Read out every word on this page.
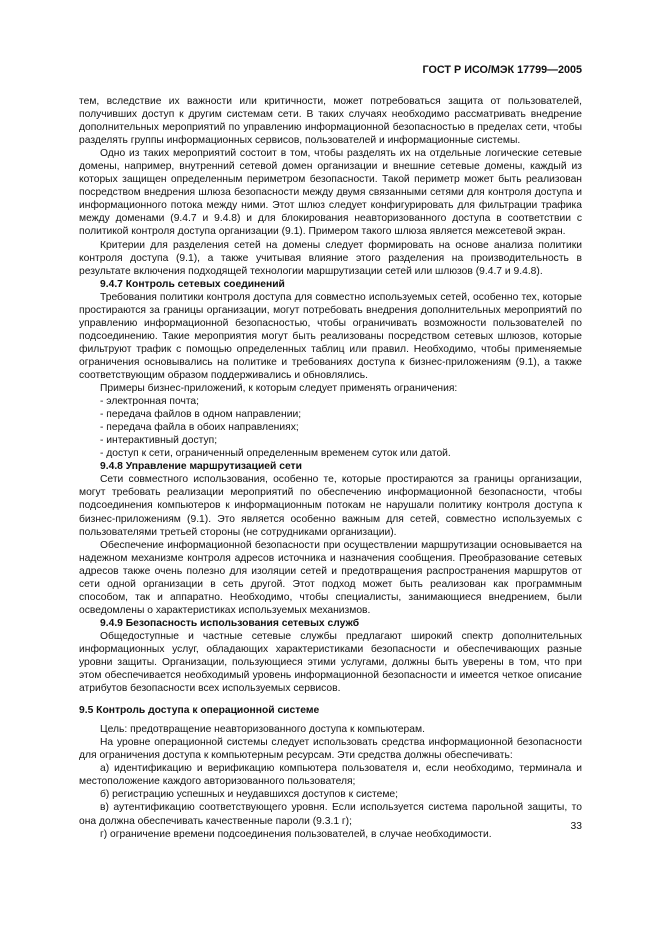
ГОСТ Р ИСО/МЭК 17799—2005

тем, вследствие их важности или критичности, может потребоваться защита от пользователей, получивших доступ к другим системам сети. В таких случаях необходимо рассматривать внедрение дополнительных мероприятий по управлению информационной безопасностью в пределах сети, чтобы разделять группы информационных сервисов, пользователей и информационные системы.

Одно из таких мероприятий состоит в том, чтобы разделять их на отдельные логические сетевые домены, например, внутренний сетевой домен организации и внешние сетевые домены, каждый из которых защищен определенным периметром безопасности. Такой периметр может быть реализован посредством внедрения шлюза безопасности между двумя связанными сетями для контроля доступа и информационного потока между ними. Этот шлюз следует конфигурировать для фильтрации трафика между доменами (9.4.7 и 9.4.8) и для блокирования неавторизованного доступа в соответствии с политикой контроля доступа организации (9.1). Примером такого шлюза является межсетевой экран.

Критерии для разделения сетей на домены следует формировать на основе анализа политики контроля доступа (9.1), а также учитывая влияние этого разделения на производительность в результате включения подходящей технологии маршрутизации сетей или шлюзов (9.4.7 и 9.4.8).

9.4.7 Контроль сетевых соединений

Требования политики контроля доступа для совместно используемых сетей, особенно тех, которые простираются за границы организации, могут потребовать внедрения дополнительных мероприятий по управлению информационной безопасностью, чтобы ограничивать возможности пользователей по подсоединению. Такие мероприятия могут быть реализованы посредством сетевых шлюзов, которые фильтруют трафик с помощью определенных таблиц или правил. Необходимо, чтобы применяемые ограничения основывались на политике и требованиях доступа к бизнес-приложениям (9.1), а также соответствующим образом поддерживались и обновлялись.

Примеры бизнес-приложений, к которым следует применять ограничения:

- электронная почта;

- передача файлов в одном направлении;

- передача файла в обоих направлениях;

- интерактивный доступ;

- доступ к сети, ограниченный определенным временем суток или датой.

9.4.8 Управление маршрутизацией сети

Сети совместного использования, особенно те, которые простираются за границы организации, могут требовать реализации мероприятий по обеспечению информационной безопасности, чтобы подсоединения компьютеров к информационным потокам не нарушали политику контроля доступа к бизнес-приложениям (9.1). Это является особенно важным для сетей, совместно используемых с пользователями третьей стороны (не сотрудниками организации).

Обеспечение информационной безопасности при осуществлении маршрутизации основывается на надежном механизме контроля адресов источника и назначения сообщения. Преобразование сетевых адресов также очень полезно для изоляции сетей и предотвращения распространения маршрутов от сети одной организации в сеть другой. Этот подход может быть реализован как программным способом, так и аппаратно. Необходимо, чтобы специалисты, занимающиеся внедрением, были осведомлены о характеристиках используемых механизмов.

9.4.9 Безопасность использования сетевых служб

Общедоступные и частные сетевые службы предлагают широкий спектр дополнительных информационных услуг, обладающих характеристиками безопасности и обеспечивающих разные уровни защиты. Организации, пользующиеся этими услугами, должны быть уверены в том, что при этом обеспечивается необходимый уровень информационной безопасности и имеется четкое описание атрибутов безопасности всех используемых сервисов.

9.5 Контроль доступа к операционной системе

Цель: предотвращение неавторизованного доступа к компьютерам.

На уровне операционной системы следует использовать средства информационной безопасности для ограничения доступа к компьютерным ресурсам. Эти средства должны обеспечивать:

а) идентификацию и верификацию компьютера пользователя и, если необходимо, терминала и местоположение каждого авторизованного пользователя;

б) регистрацию успешных и неудавшихся доступов к системе;

в) аутентификацию соответствующего уровня. Если используется система парольной защиты, то она должна обеспечивать качественные пароли (9.3.1 г);

г) ограничение времени подсоединения пользователей, в случае необходимости.

33
